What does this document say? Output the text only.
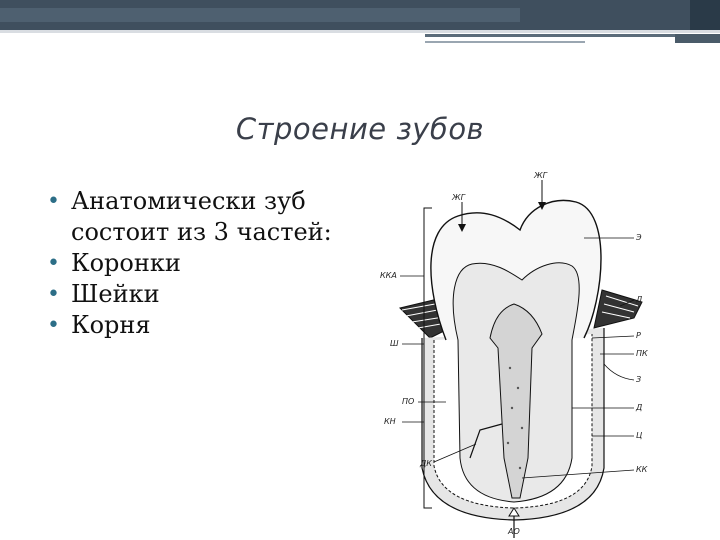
Строение зубов
• Анатомически зуб состоит из 3 частей:
• Коронки
• Шейки
• Корня
ЖГ
ЖГ
ККА
Ш
ПО
КН
ДК
АО
Э
Д
Р
ПК
З
Д
Ц
КК
